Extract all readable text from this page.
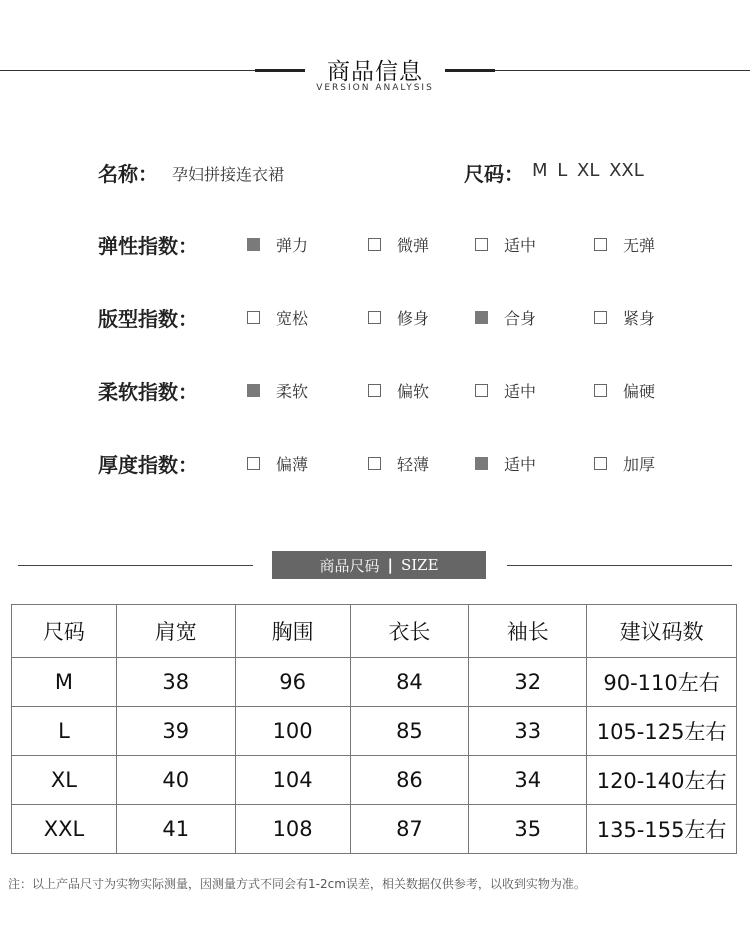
商品信息
VERSION ANALYSIS
名称： 孕妇拼接连衣裙	尺码： M L XL XXL
弹性指数：	弹力	微弹	适中	无弹
版型指数：	宽松	修身	合身	紧身
柔软指数：	柔软	偏软	适中	偏硬
厚度指数：	偏薄	轻薄	适中	加厚
商品尺码 | SIZE
尺码	肩宽	胸围	衣长	袖长	建议码数
M	38	96	84	32	90-110左右
L	39	100	85	33	105-125左右
XL	40	104	86	34	120-140左右
XXL	41	108	87	35	135-155左右
注：以上产品尺寸为实物实际测量，因测量方式不同会有1-2cm误差，相关数据仅供参考，以收到实物为准。
